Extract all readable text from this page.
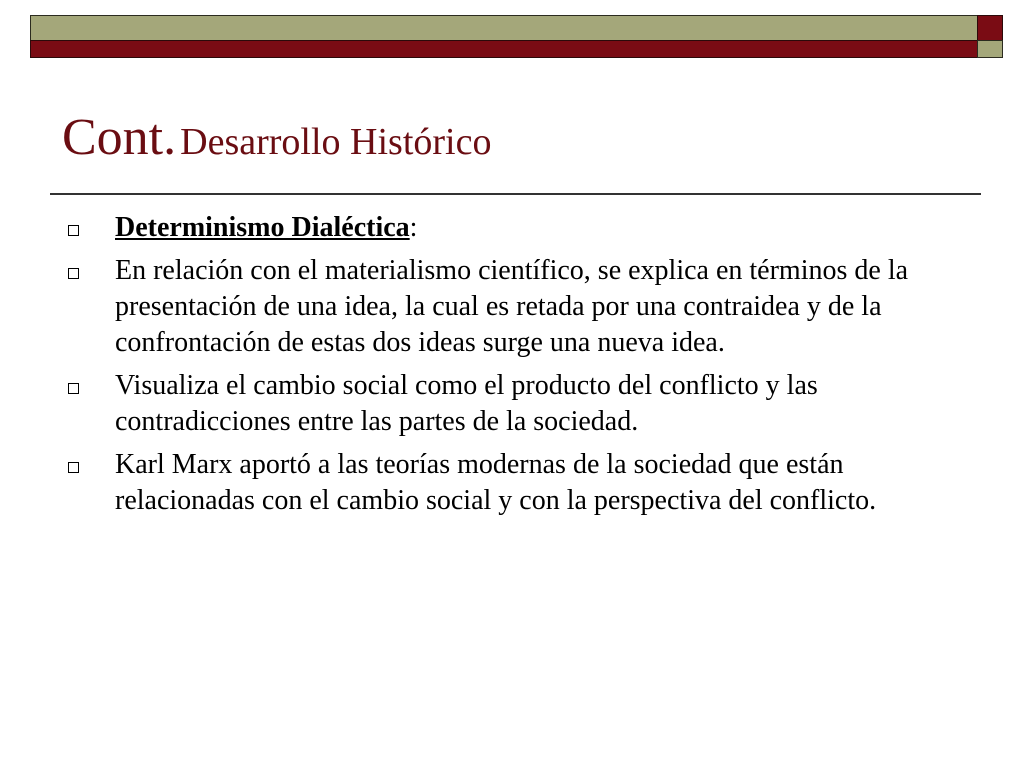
Cont. Desarrollo Histórico
Determinismo Dialéctica:
En relación con el materialismo científico, se explica en términos de la presentación de una idea, la cual es retada por una contraidea y de la confrontación de estas dos ideas surge una nueva idea.
Visualiza el cambio social como el producto del conflicto y las contradicciones entre las partes de la sociedad.
Karl Marx aportó a las teorías modernas de la sociedad que están relacionadas con el cambio social y con la perspectiva del conflicto.
